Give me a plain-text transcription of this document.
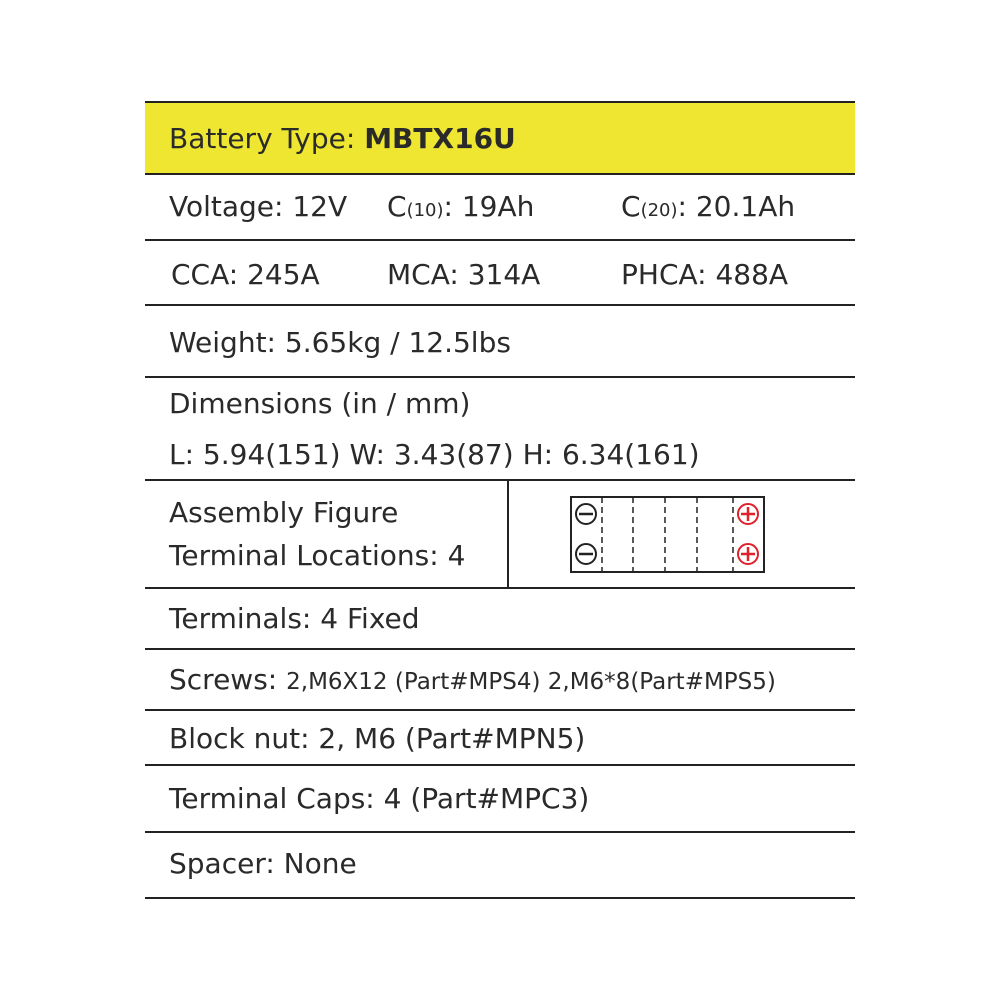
Battery Type: MBTX16U
Voltage: 12V C(10): 19Ah	C(20): 20.1Ah
CCA: 245A MCA: 314A	PHCA: 488A
Weight: 5.65kg / 12.5lbs
Dimensions (in / mm)
L: 5.94(151) W: 3.43(87) H: 6.34(161)
Assembly Figure
Terminal Locations: 4
Terminals: 4 Fixed
Screws: 2,M6X12 (Part#MPS4) 2,M6*8(Part#MPS5)
Block nut: 2, M6 (Part#MPN5)
Terminal Caps: 4 (Part#MPC3)
Spacer: None
